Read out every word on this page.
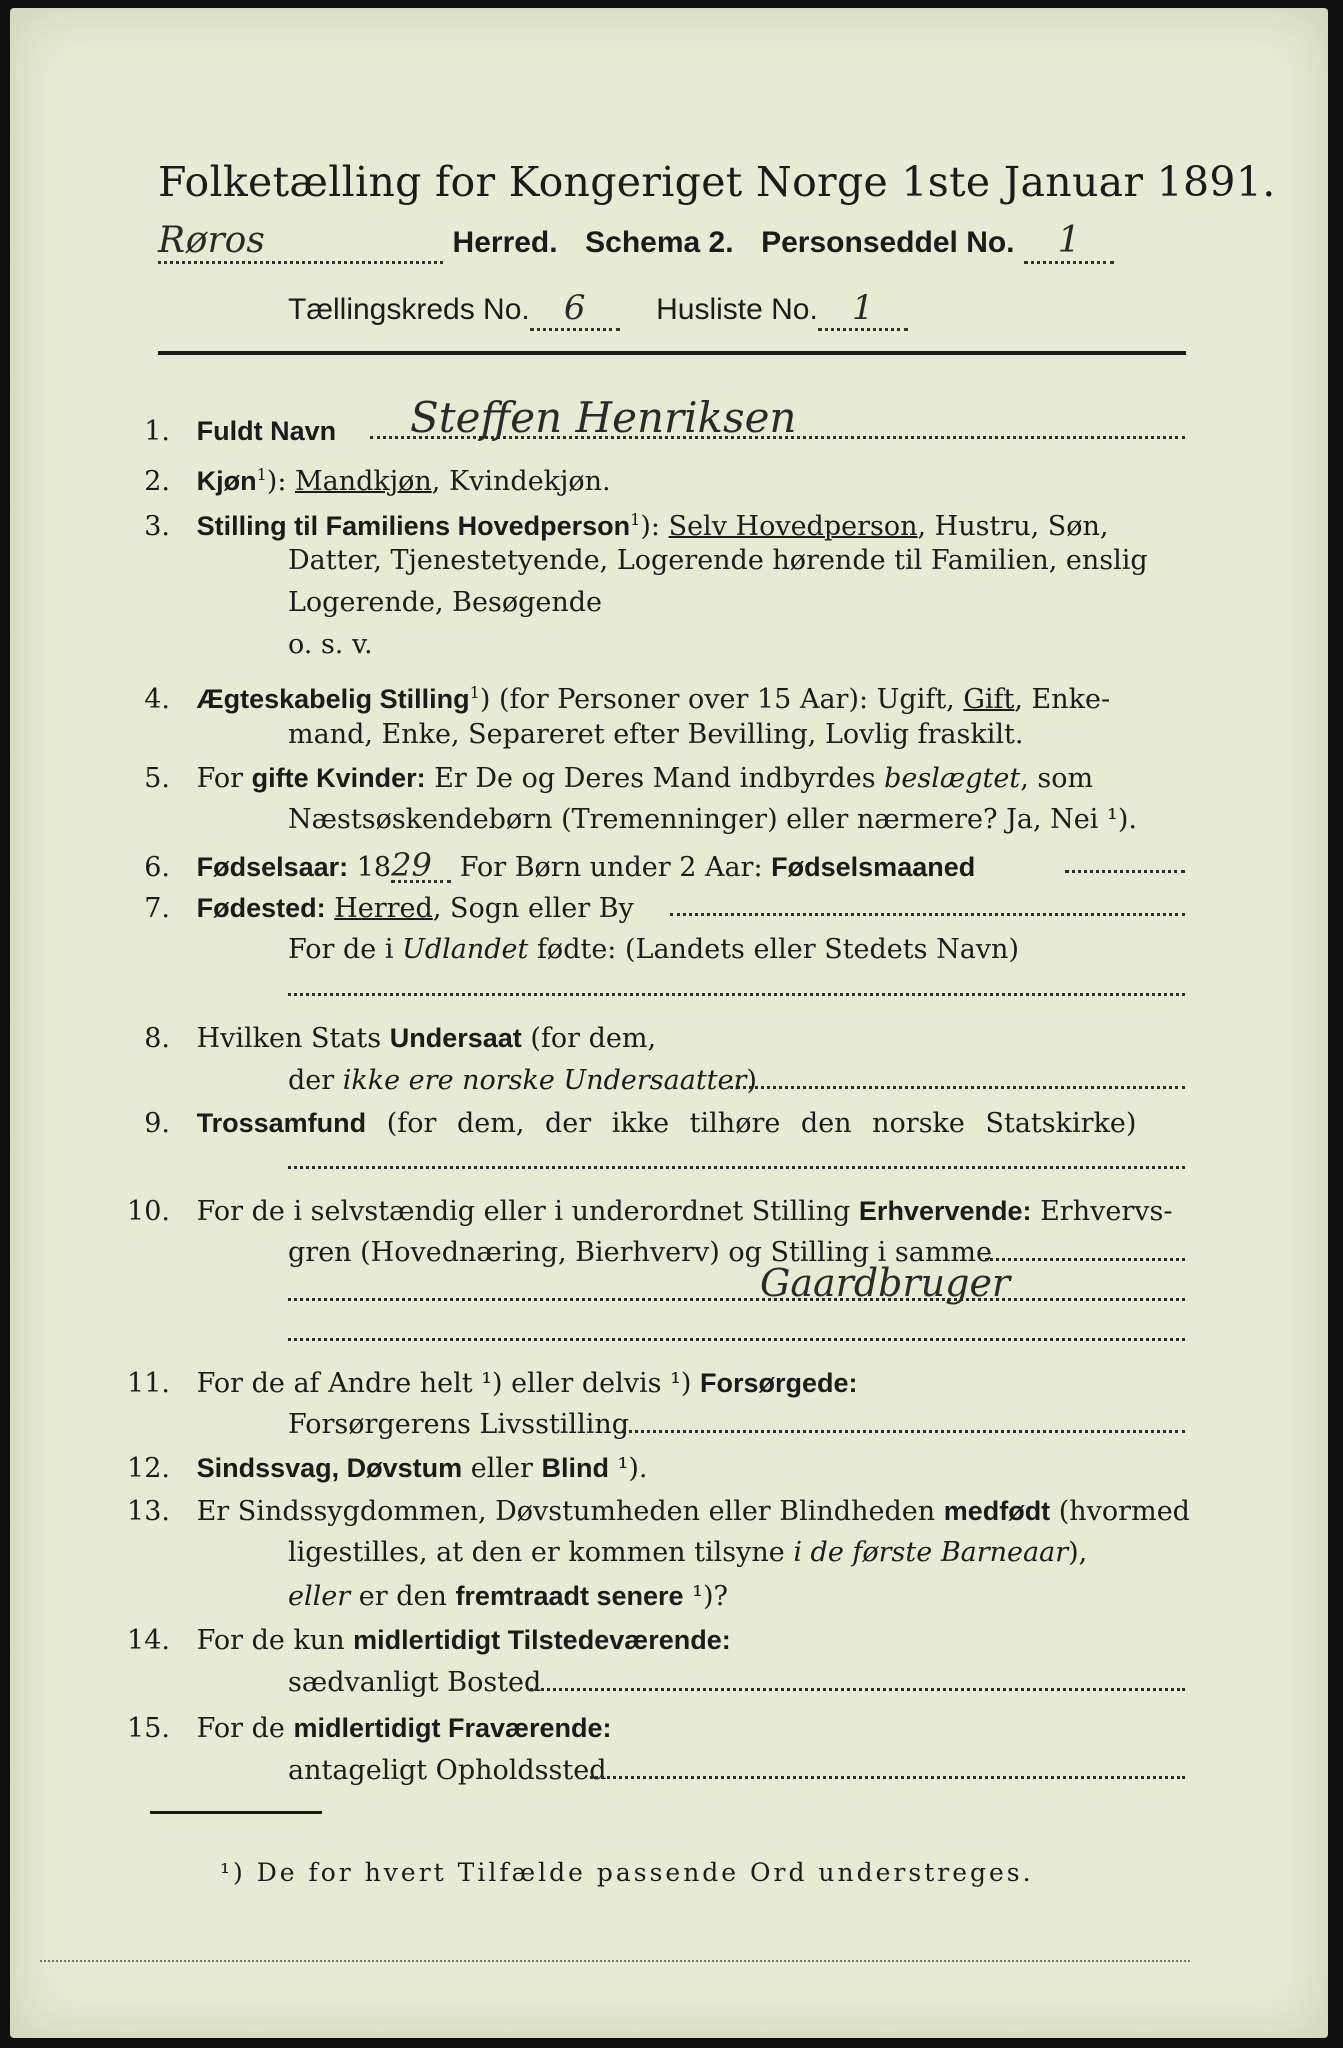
Folketælling for Kongeriget Norge 1ste Januar 1891.
Røros	Herred. Schema 2. Personseddel No. 1
Tællingskreds No. 6 Husliste No. 1
1. Fuldt Navn Steffen Henriksen
2. Kjøn$^1$): Mandkjøn, Kvindekjøn.
3. Stilling til Familiens Hovedperson$^1$): Selv Hovedperson, Hustru, Søn,
Datter, Tjenestetyende, Logerende hørende til Familien, enslig
Logerende, Besøgende
o. s. v.
4. Ægteskabelig Stilling$^1$) (for Personer over 15 Aar): Ugift, Gift, Enke-
mand, Enke, Separeret efter Bevilling, Lovlig fraskilt.
5. For gifte Kvinder: Er De og Deres Mand indbyrdes beslægtet, som
Næstsøskendebørn (Tremenninger) eller nærmere? Ja, Nei ¹).
6. Fødselsaar: 1829 For Børn under 2 Aar: Fødselsmaaned
7. Fødested: Herred, Sogn eller By
For de i Udlandet fødte: (Landets eller Stedets Navn)
8. Hvilken Stats Undersaat (for dem,
der ikke ere norske Undersaatter)
9. Trossamfund (for dem, der ikke tilhøre den norske Statskirke)
10. For de i selvstændig eller i underordnet Stilling Erhvervende: Erhvervs-
gren (Hovednæring, Bierhverv) og Stilling i samme
Gaardbruger
11. For de af Andre helt ¹) eller delvis ¹) Forsørgede:
Forsørgerens Livsstilling
12. Sindssvag, Døvstum eller Blind ¹).
13. Er Sindssygdommen, Døvstumheden eller Blindheden medfødt (hvormed
ligestilles, at den er kommen tilsyne i de første Barneaar),
eller er den fremtraadt senere ¹)?
14. For de kun midlertidigt Tilstedeværende:
sædvanligt Bosted
15. For de midlertidigt Fraværende:
antageligt Opholdssted
¹) De for hvert Tilfælde passende Ord understreges.
